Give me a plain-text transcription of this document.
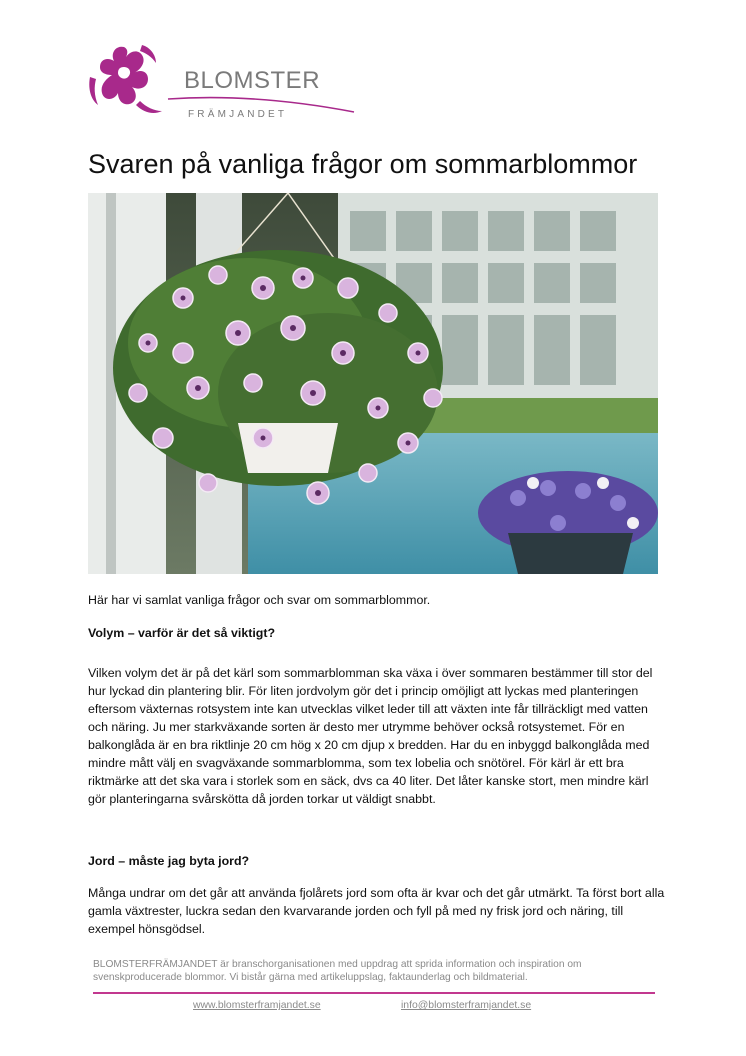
BLOMSTER
FRÄMJANDET
Svaren på vanliga frågor om sommarblommor

Här har vi samlat vanliga frågor och svar om sommarblommor.

Volym – varför är det så viktigt?

Vilken volym det är på det kärl som sommarblomman ska växa i över sommaren bestämmer till stor del hur lyckad din plantering blir. För liten jordvolym gör det i princip omöjligt att lyckas med planteringen eftersom växternas rotsystem inte kan utvecklas vilket leder till att växten inte får tillräckligt med vatten och näring. Ju mer starkväxande sorten är desto mer utrymme behöver också rotsystemet. För en balkonglåda är en bra riktlinje 20 cm hög x 20 cm djup x bredden. Har du en inbyggd balkonglåda med mindre mått välj en svagväxande sommarblomma, som tex lobelia och snötörel. För kärl är ett bra riktmärke att det ska vara i storlek som en säck, dvs ca 40 liter. Det låter kanske stort, men mindre kärl gör planteringarna svårskötta då jorden torkar ut väldigt snabbt.

Jord – måste jag byta jord?

Många undrar om det går att använda fjolårets jord som ofta är kvar och det går utmärkt. Ta först bort alla gamla växtrester, luckra sedan den kvarvarande jorden och fyll på med ny frisk jord och näring, till exempel hönsgödsel.

BLOMSTERFRÄMJANDET är branschorganisationen med uppdrag att sprida information och inspiration om svenskproducerade blommor. Vi bistår gärna med artikeluppslag, faktaunderlag och bildmaterial.

www.blomsterframjandet.se	info@blomsterframjandet.se
